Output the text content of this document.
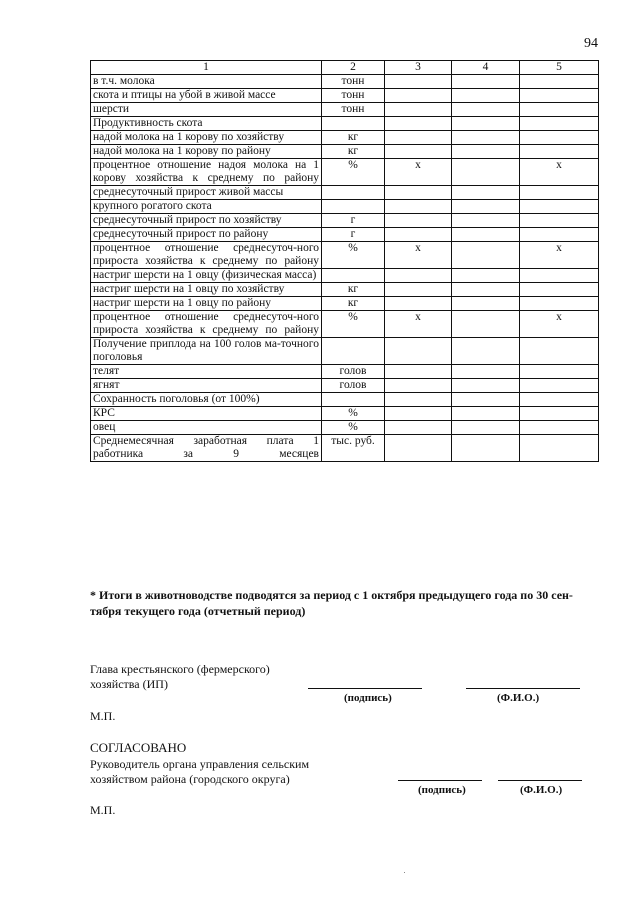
94
1	2	3	4	5
в т.ч. молока	тонн			
скота и птицы на убой в живой массе	тонн			
шерсти	тонн			
Продуктивность скота				
надой молока на 1 корову по хозяйству	кг			
надой молока на 1 корову по району	кг			
процентное отношение надоя молока на 1 корову хозяйства к среднему по району	%	x		x
среднесуточный прирост живой массы				
крупного рогатого скота				
среднесуточный прирост по хозяйству	г			
среднесуточный прирост по району	г			
процентное отношение среднесуточ-ного прироста хозяйства к среднему по району	%	x		x
настриг шерсти на 1 овцу (физическая масса)				
настриг шерсти на 1 овцу по хозяйству	кг			
настриг шерсти на 1 овцу по району	кг			
процентное отношение среднесуточ-ного прироста хозяйства к среднему по району	%	x		x
Получение приплода на 100 голов ма-точного поголовья				
телят	голов			
ягнят	голов			
Сохранность поголовья (от 100%)				
КРС	%			
овец	%			
Среднемесячная заработная плата 1 работника за 9 месяцев	тыс. руб.			
* Итоги в животноводстве подводятся за период с 1 октября предыдущего года по 30 сен-тября текущего года (отчетный период)
Глава крестьянского (фермерского)
хозяйства (ИП)
(подпись)	(Ф.И.О.)
М.П.
СОГЛАСОВАНО
Руководитель органа управления сельским
хозяйством района (городского округа)
(подпись)	(Ф.И.О.)
М.П.
